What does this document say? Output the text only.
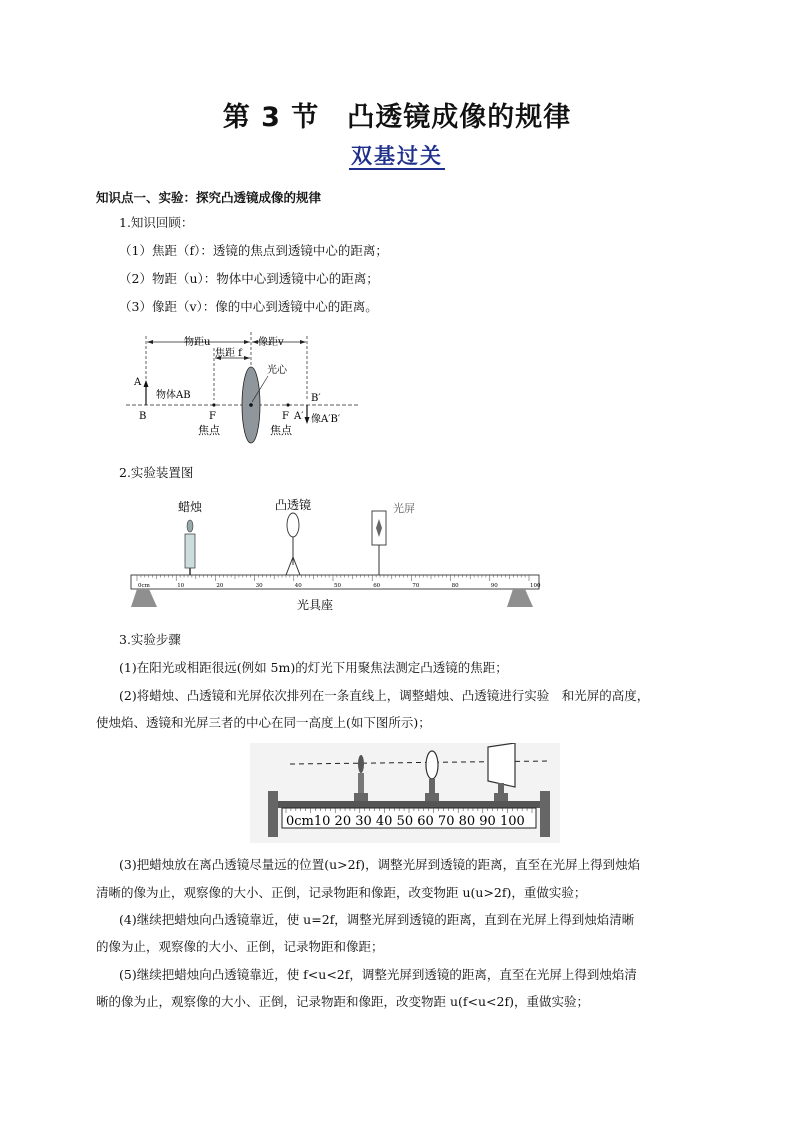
第 3 节　凸透镜成像的规律
双基过关
知识点一、实验：探究凸透镜成像的规律
1.知识回顾：
（1）焦距（f）：透镜的焦点到透镜中心的距离；
（2）物距（u）：物体中心到透镜中心的距离；
（3）像距（v）：像的中心到透镜中心的距离。
物距u	像距v
焦距 f
光心
A
B
物体AB
F	F
焦点	焦点
B′
A′ 像A′B′
2.实验装置图
蜡烛	凸透镜	光屏
0cm	10	20	30	40	50	60	70	80	90	100
光具座
3.实验步骤
(1)在阳光或相距很远(例如 5m)的灯光下用聚焦法测定凸透镜的焦距；
(2)将蜡烛、凸透镜和光屏依次排列在一条直线上，调整蜡烛、凸透镜进行实验　和光屏的高度，
使烛焰、透镜和光屏三者的中心在同一高度上(如下图所示)；
0cm10 20 30 40 50 60 70 80 90 100
(3)把蜡烛放在离凸透镜尽量远的位置(u>2f)，调整光屏到透镜的距离，直至在光屏上得到烛焰
清晰的像为止，观察像的大小、正倒，记录物距和像距，改变物距 u(u>2f)，重做实验；
(4)继续把蜡烛向凸透镜靠近，使 u=2f，调整光屏到透镜的距离，直到在光屏上得到烛焰清晰
的像为止，观察像的大小、正倒，记录物距和像距；
(5)继续把蜡烛向凸透镜靠近，使 f<u<2f，调整光屏到透镜的距离，直至在光屏上得到烛焰清
晰的像为止，观察像的大小、正倒，记录物距和像距，改变物距 u(f<u<2f)，重做实验；
